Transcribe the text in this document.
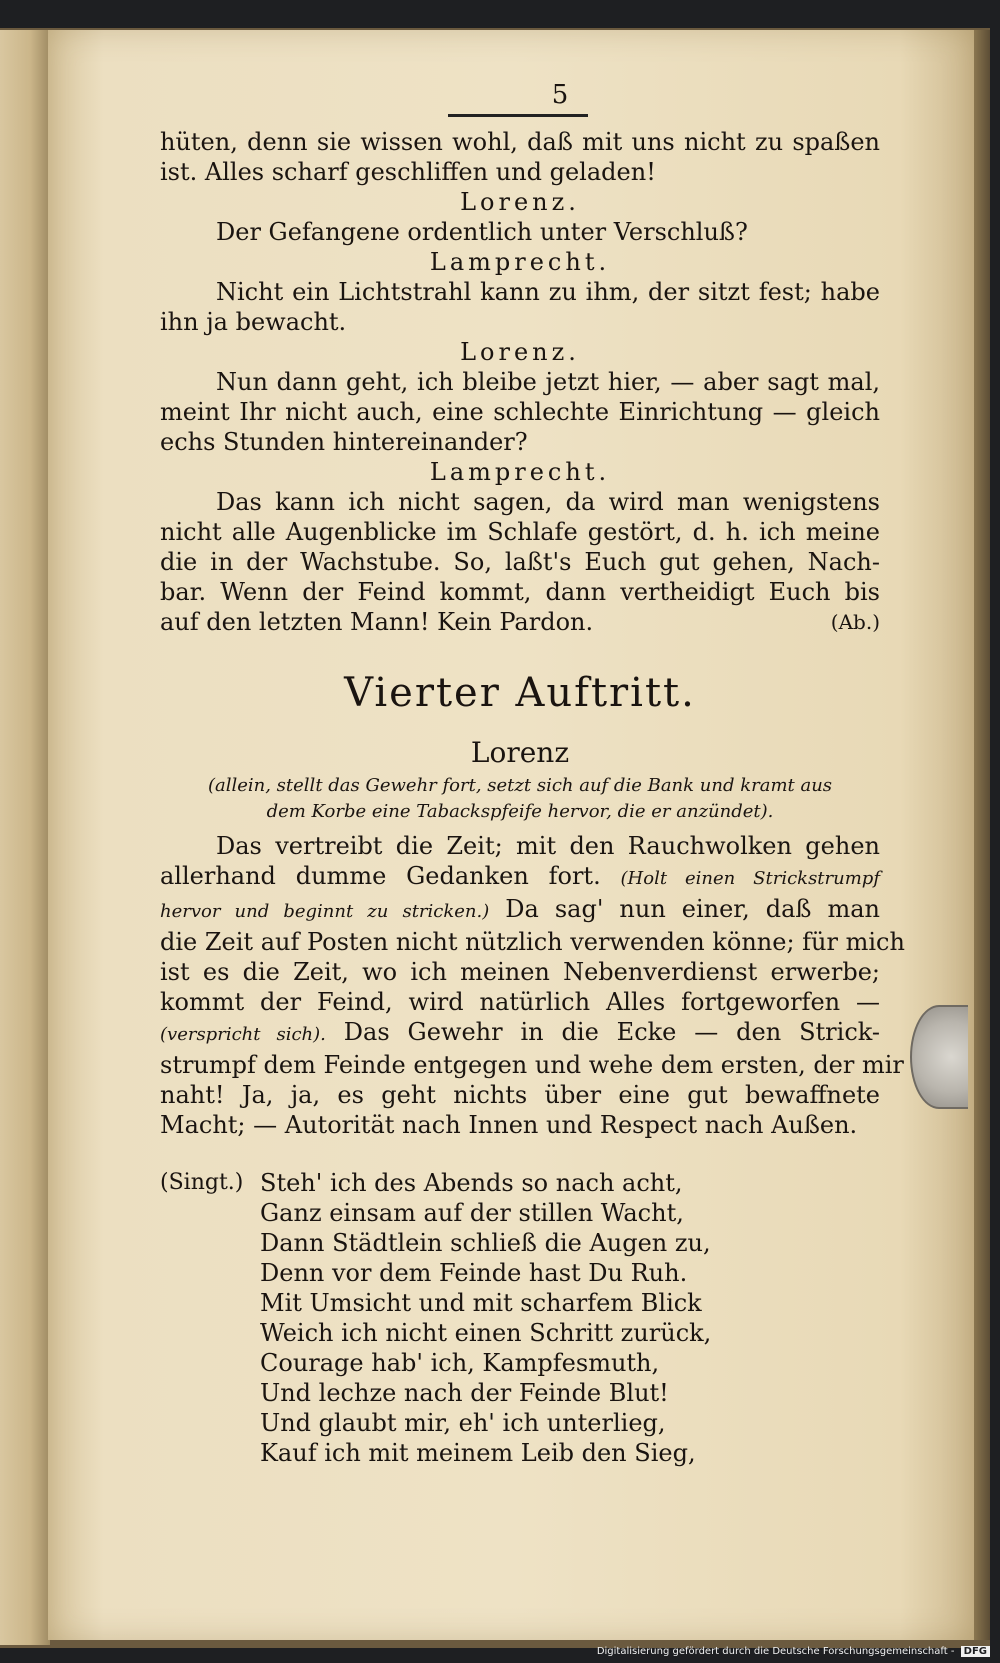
5
hüten, denn sie wissen wohl, daß mit uns nicht zu spaßen
ist. Alles scharf geschliffen und geladen!
Lorenz.
Der Gefangene ordentlich unter Verschluß?
Lamprecht.
Nicht ein Lichtstrahl kann zu ihm, der sitzt fest; habe
ihn ja bewacht.
Lorenz.
Nun dann geht, ich bleibe jetzt hier, — aber sagt mal,
meint Ihr nicht auch, eine schlechte Einrichtung — gleich
echs Stunden hintereinander?
Lamprecht.
Das kann ich nicht sagen, da wird man wenigstens
nicht alle Augenblicke im Schlafe gestört, d. h. ich meine
die in der Wachstube. So, laßt's Euch gut gehen, Nach-
bar. Wenn der Feind kommt, dann vertheidigt Euch bis
auf den letzten Mann! Kein Pardon.	(Ab.)
Vierter Auftritt.
Lorenz
(allein, stellt das Gewehr fort, setzt sich auf die Bank und kramt aus
dem Korbe eine Tabackspfeife hervor, die er anzündet).
Das vertreibt die Zeit; mit den Rauchwolken gehen
allerhand dumme Gedanken fort. (Holt einen Strickstrumpf
hervor und beginnt zu stricken.) Da sag' nun einer, daß man
die Zeit auf Posten nicht nützlich verwenden könne; für mich
ist es die Zeit, wo ich meinen Nebenverdienst erwerbe;
kommt der Feind, wird natürlich Alles fortgeworfen —
(verspricht sich). Das Gewehr in die Ecke — den Strick-
strumpf dem Feinde entgegen und wehe dem ersten, der mir
naht! Ja, ja, es geht nichts über eine gut bewaffnete
Macht; — Autorität nach Innen und Respect nach Außen.
(Singt.) Steh' ich des Abends so nach acht,
Ganz einsam auf der stillen Wacht,
Dann Städtlein schließ die Augen zu,
Denn vor dem Feinde hast Du Ruh.
Mit Umsicht und mit scharfem Blick
Weich ich nicht einen Schritt zurück,
Courage hab' ich, Kampfesmuth,
Und lechze nach der Feinde Blut!
Und glaubt mir, eh' ich unterlieg,
Kauf ich mit meinem Leib den Sieg,
Digitalisierung gefördert durch die Deutsche Forschungsgemeinschaft - DFG
